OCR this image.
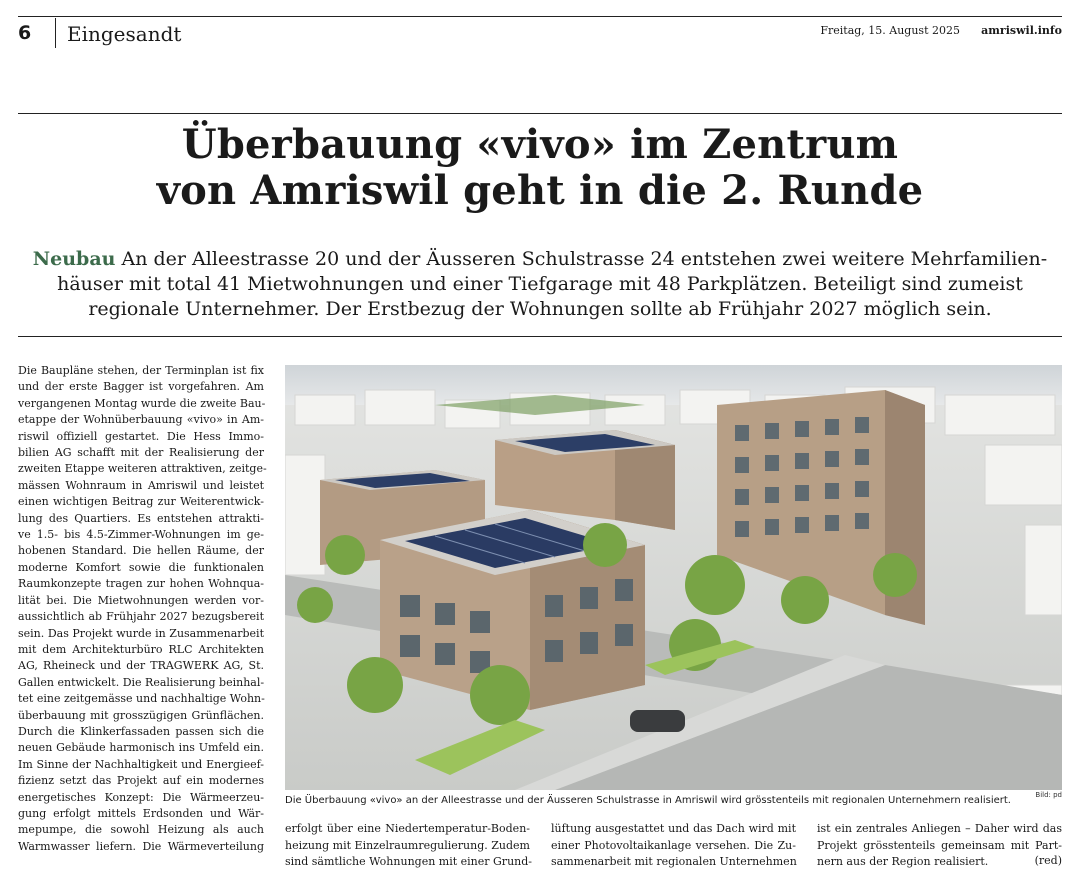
6 Eingesandt	Freitag, 15. August 2025 amriswil.info
Überbauung «vivo» im Zentrum
von Amriswil geht in die 2. Runde
Neubau An der Alleestrasse 20 und der Äusseren Schulstrasse 24 entstehen zwei weitere Mehrfamilien-
häuser mit total 41 Mietwohnungen und einer Tiefgarage mit 48 Parkplätzen. Beteiligt sind zumeist
regionale Unternehmer. Der Erstbezug der Wohnungen sollte ab Frühjahr 2027 möglich sein.
Die Baupläne stehen, der Terminplan ist fix
und der erste Bagger ist vorgefahren. Am
vergangenen Montag wurde die zweite Bau-
etappe der Wohnüberbauung «vivo» in Am-
riswil offiziell gestartet. Die Hess Immo-
bilien AG schafft mit der Realisierung der
zweiten Etappe weiteren attraktiven, zeitge-
mässen Wohnraum in Amriswil und leistet
einen wichtigen Beitrag zur Weiterentwick-
lung des Quartiers. Es entstehen attrakti-
ve 1.5- bis 4.5-Zimmer-Wohnungen im ge-
hobenen Standard. Die hellen Räume, der
moderne Komfort sowie die funktionalen
Raumkonzepte tragen zur hohen Wohnqua-
lität bei. Die Mietwohnungen werden vor-
aussichtlich ab Frühjahr 2027 bezugsbereit
sein. Das Projekt wurde in Zusammenarbeit
mit dem Architekturbüro RLC Architekten
AG, Rheineck und der TRAGWERK AG, St.
Gallen entwickelt. Die Realisierung beinhal-
tet eine zeitgemässe und nachhaltige Wohn-
überbauung mit grosszügigen Grünflächen.
Durch die Klinkerfassaden passen sich die
neuen Gebäude harmonisch ins Umfeld ein.
Im Sinne der Nachhaltigkeit und Energieef-
fizienz setzt das Projekt auf ein modernes
energetisches Konzept: Die Wärmeerzeu-
gung erfolgt mittels Erdsonden und Wär-
mepumpe, die sowohl Heizung als auch
Warmwasser liefern. Die Wärmeverteilung
Bild: pd
Die Überbauung «vivo» an der Alleestrasse und der Äusseren Schulstrasse in Amriswil wird grösstenteils mit regionalen Unternehmern realisiert.
erfolgt über eine Niedertemperatur-Boden-
heizung mit Einzelraumregulierung. Zudem
sind sämtliche Wohnungen mit einer Grund-
lüftung ausgestattet und das Dach wird mit
einer Photovoltaikanlage versehen. Die Zu-
sammenarbeit mit regionalen Unternehmen
ist ein zentrales Anliegen – Daher wird das
Projekt grösstenteils gemeinsam mit Part-
nern aus der Region realisiert.	(red)
